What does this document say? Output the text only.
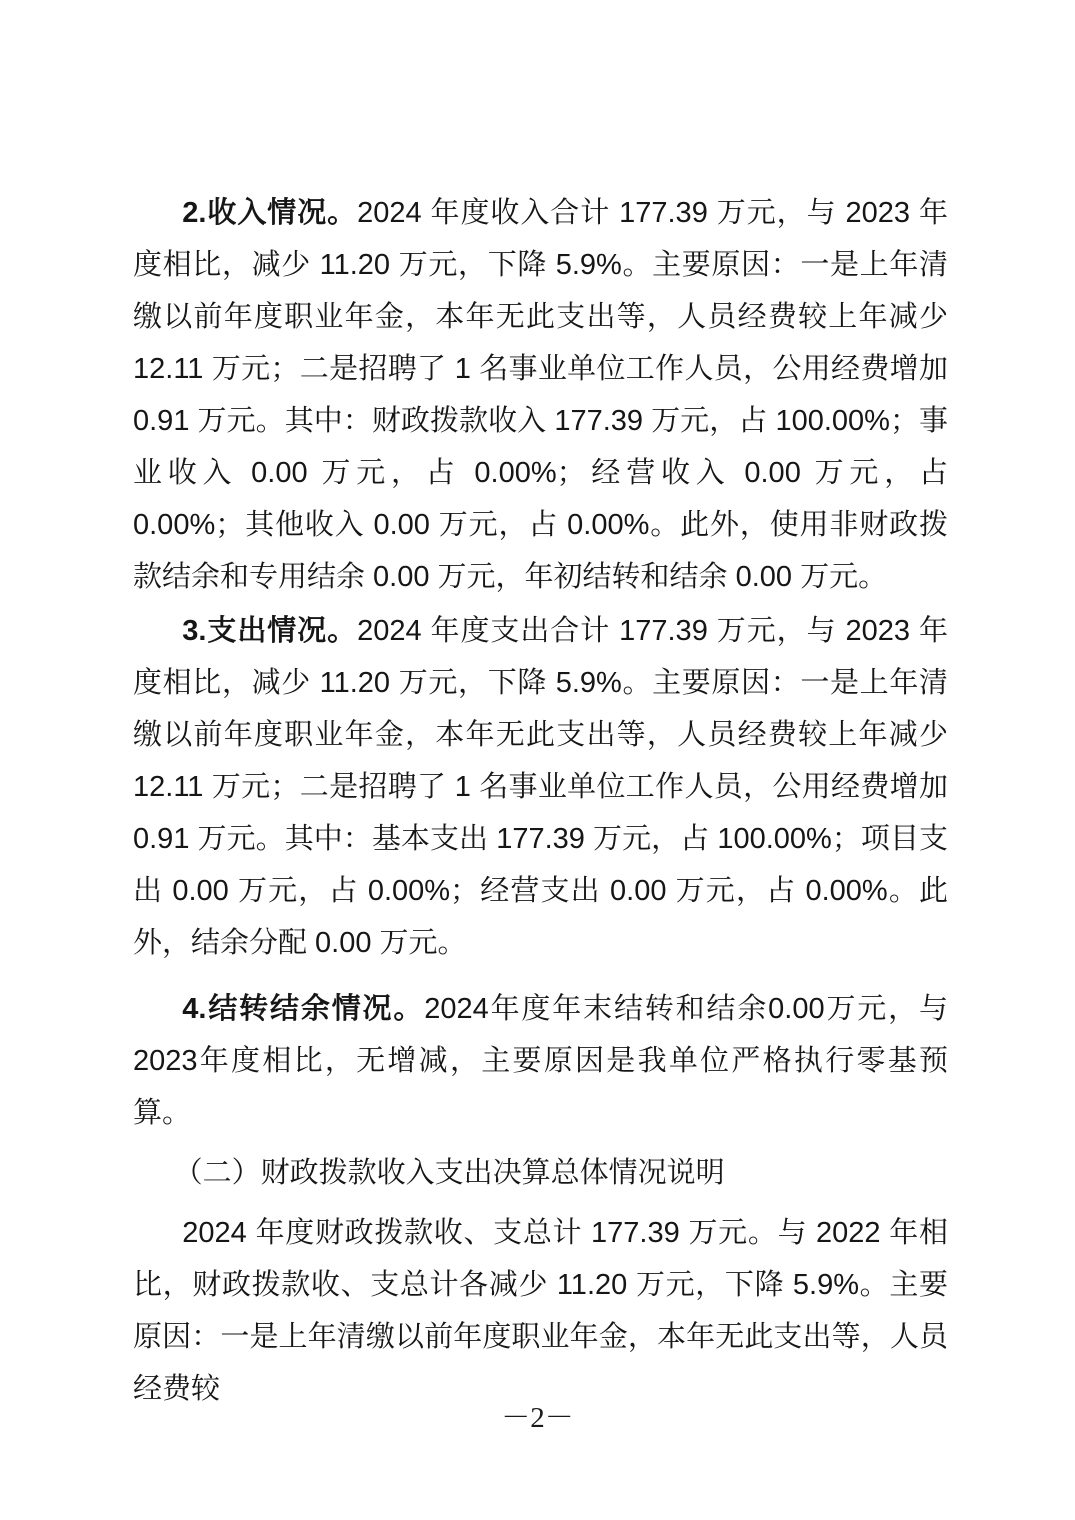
2.收入情况。2024 年度收入合计 177.39 万元，与 2023 年度相比，减少 11.20 万元，下降 5.9%。主要原因：一是上年清缴以前年度职业年金，本年无此支出等，人员经费较上年减少 12.11 万元；二是招聘了 1 名事业单位工作人员，公用经费增加 0.91 万元。其中：财政拨款收入 177.39 万元，占 100.00%；事业收入 0.00 万元，占 0.00%；经营收入 0.00 万元，占 0.00%；其他收入 0.00 万元，占 0.00%。此外，使用非财政拨款结余和专用结余 0.00 万元，年初结转和结余 0.00 万元。

3.支出情况。2024 年度支出合计 177.39 万元，与 2023 年度相比，减少 11.20 万元，下降 5.9%。主要原因：一是上年清缴以前年度职业年金，本年无此支出等，人员经费较上年减少 12.11 万元；二是招聘了 1 名事业单位工作人员，公用经费增加 0.91 万元。其中：基本支出 177.39 万元，占 100.00%；项目支出 0.00 万元，占 0.00%；经营支出 0.00 万元，占 0.00%。此外，结余分配 0.00 万元。

4.结转结余情况。2024年度年末结转和结余0.00万元，与2023年度相比，无增减，主要原因是我单位严格执行零基预算。

（二）财政拨款收入支出决算总体情况说明

2024 年度财政拨款收、支总计 177.39 万元。与 2022 年相比，财政拨款收、支总计各减少 11.20 万元，下降 5.9%。主要原因：一是上年清缴以前年度职业年金，本年无此支出等，人员经费较

－2－
